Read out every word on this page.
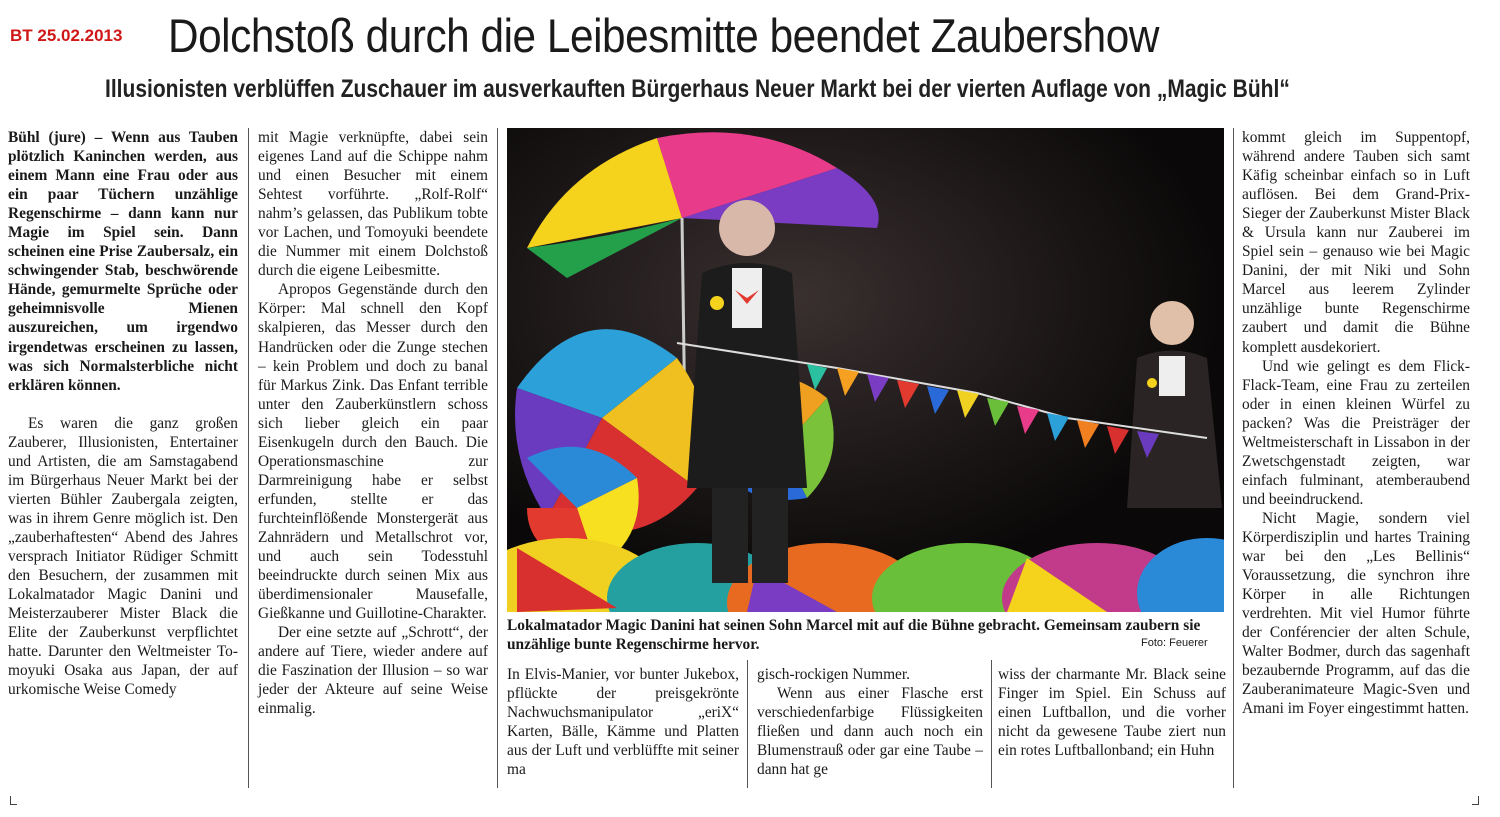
BT 25.02.2013 Dolchstoß durch die Leibesmitte beendet Zaubershow
Illusionisten verblüffen Zuschauer im ausverkauften Bürgerhaus Neuer Markt bei der vierten Auflage von „Magic Bühl“

Bühl (jure) – Wenn aus Tauben plötzlich Kaninchen werden, aus einem Mann eine Frau oder aus ein paar Tüchern unzählige Regenschirme – dann kann nur Magie im Spiel sein. Dann scheinen eine Prise Zaubersalz, ein schwingender Stab, beschwörende Hände, gemurmelte Sprüche oder geheimnisvolle Mienen auszureichen, um irgendwo irgendetwas erscheinen zu lassen, was sich Normalsterbliche nicht erklären können.

Es waren die ganz großen Zauberer, Illusionisten, Entertainer und Artisten, die am Samstagabend im Bürgerhaus Neuer Markt bei der vierten Bühler Zaubergala zeigten, was in ihrem Genre möglich ist. Den „zauberhaftesten“ Abend des Jahres versprach Initiator Rüdiger Schmitt den Besuchern, der zusammen mit Lokalmatador Magic Danini und Meisterzauberer Mister Black die Elite der Zauberkunst verpflichtet hatte. Darunter den Weltmeister Tomoyuki Osaka aus Japan, der auf urkomische Weise Comedy

mit Magie verknüpfte, dabei sein eigenes Land auf die Schippe nahm und einen Besucher mit einem Sehtest vorführte. „Rolf-Rolf“ nahm’s gelassen, das Publikum tobte vor Lachen, und Tomoyuki beendete die Nummer mit einem Dolchstoß durch die eigene Leibesmitte.

Apropos Gegenstände durch den Körper: Mal schnell den Kopf skalpieren, das Messer durch den Handrücken oder die Zunge stechen – kein Problem und doch zu banal für Markus Zink. Das Enfant terrible unter den Zauberkünstlern schoss sich lieber gleich ein paar Eisenkugeln durch den Bauch. Die Operationsmaschine zur Darmreinigung habe er selbst erfunden, stellte er das furchteinflößende Monstergerät aus Zahnrädern und Metallschrot vor, und auch sein Todesstuhl beeindruckte durch seinen Mix aus überdimensionaler Mausefalle, Gießkanne und Guillotine-Charakter.

Der eine setzte auf „Schrott“, der andere auf Tiere, wieder andere auf die Faszination der Illusion – so war jeder der Akteure auf seine Weise einmalig.

Lokalmatador Magic Danini hat seinen Sohn Marcel mit auf die Bühne gebracht. Gemeinsam zaubern sie unzählige bunte Regenschirme hervor.	Foto: Feuerer

In Elvis-Manier, vor bunter Jukebox, pflückte der preisgekrönte Nachwuchsmanipulator „eriX“ Karten, Bälle, Kämme und Platten aus der Luft und verblüffte mit seiner ma

gisch-rockigen Nummer.

Wenn aus einer Flasche erst verschiedenfarbige Flüssigkeiten fließen und dann auch noch ein Blumenstrauß oder gar eine Taube – dann hat ge

wiss der charmante Mr. Black seine Finger im Spiel. Ein Schuss auf einen Luftballon, und die vorher nicht da gewesene Taube ziert nun ein rotes Luftballonband; ein Huhn

kommt gleich im Suppentopf, während andere Tauben sich samt Käfig scheinbar einfach so in Luft auflösen. Bei dem Grand-Prix-Sieger der Zauberkunst Mister Black & Ursula kann nur Zauberei im Spiel sein – genauso wie bei Magic Danini, der mit Niki und Sohn Marcel aus leerem Zylinder unzählige bunte Regenschirme zaubert und damit die Bühne komplett ausdekoriert.

Und wie gelingt es dem Flick-Flack-Team, eine Frau zu zerteilen oder in einen kleinen Würfel zu packen? Was die Preisträger der Weltmeisterschaft in Lissabon in der Zwetschgenstadt zeigten, war einfach fulminant, atemberaubend und beeindruckend.

Nicht Magie, sondern viel Körperdisziplin und hartes Training war bei den „Les Bellinis“ Voraussetzung, die synchron ihre Körper in alle Richtungen verdrehten. Mit viel Humor führte der Conférencier der alten Schule, Walter Bodmer, durch das sagenhaft bezaubernde Programm, auf das die Zauberanimateure Magic-Sven und Amani im Foyer eingestimmt hatten.
